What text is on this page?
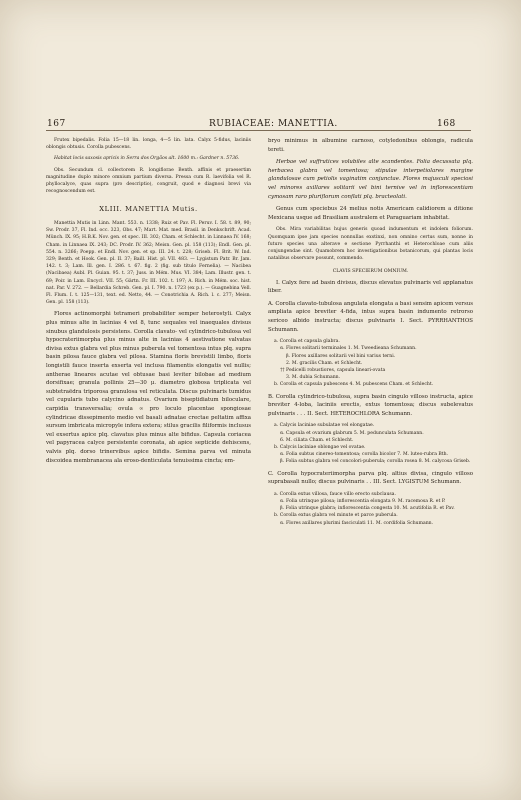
167	RUBIACEAE: MANETTIA.	168

Frutex bipedalis. Folia 15—18 lin. longa, 4—5 lin. lata. Calyx 5-fidus, laciniis oblongis obtusis. Corolla pubescens.

Habitat locis saxosis apricis in Serra dos Orgãos alt. 1600 m.: Gardner n. 5736.

Obs. Secundum cl. collectorem R. longiflorae Benth. affinis et praesertim magnitudine duplo minore omnium partium diversa. Pressa cum R. laevifolia vel R. phyllocalyce, quas supra (pro descriptio), congruit, quod e diagnosi brevi via recognoscendum est.

XLIII. MANETTIA Mutis.

Manettia Mutis in Linn. Mant. 553. n. 1338; Ruiz et Pav. Fl. Peruv. I. 58. t. 89, 90; Sw. Prodr. 37, Fl. Ind. occ. 323, Obs. 47; Mart. Mat. med. Brasil. in Denkschrift. Acad. Münch. IX. 95; H.B.K. Nov. gen. et spec. III. 302; Cham. et Schlecht. in Linnaea IV. 168; Cham. in Linnaea IX. 243; DC. Prodr. IV. 362; Meisn. Gen. pl. 158 (113); Endl. Gen. pl. 554. n. 3266; Poepp. et Endl. Nov. gen. et sp. III. 24. t. 228; Griseb. Fl. Brit. W. Ind. 329; Benth. et Hook. Gen. pl. II. 37; Baill. Hist. pl. VII. 483. — Lygistum Patr. Br. Jam. 142. t. 3; Lam. Ill. gen. I. 286. t. 67. fig. 2 (fig. sub titulo Fernelia). — Nacibea (Nacibaea) Aubl. Pl. Guian. 95. t. 37; Juss. in Mém. Mus. VI. 384; Lam. Illustr. gen. t. 69; Poir. in Lam. Encycl. VII. 55; Gärtn. Fr. III. 102. t. 197; A. Rich. in Mém. soc. hist. nat. Par. V. 272. — Bellardia Schreb. Gen. pl. I. 790. n. 1723 (ex p.). — Guagnebina Vell. Fl. Flum. I. t. 125—131, text. ed. Netto, 44. — Conotrichia A. Rich. l. c. 277; Meisn. Gen. pl. 158 (113).

Flores actinomorphi tetrameri probabiliter semper heterostyli. Calyx plus minus alte in lacinias 4 vel 8, tunc sequales vel inaequales divisus sinubus glandulosis persistens. Corolla clavato- vel cylindrico-tubulosa vel hypocrateriimorpha plus minus alte in lacinias 4 aestivatione valvatas divisa extus glabra vel plus minus puberula vel tomentosa intus plq. supra basin pilosa fauce glabra vel pilosa. Stamina floris brevistili limbo, floris longistili fauce inserta exserta vel inclusa filamentis elongatis vel nullis; antherae lineares acutae vel obtusae basi leviter bilobae ad medium dorsifixae; granula pollinis 25—30 μ. diametro globosa triplicata vel subtetraëdra triporosa granulosa vel reticulata. Discus pulvinaris tumidus vel cupularis tubo calycino adnatus. Ovarium biseptidiatum biloculare, carpidia transversalia; ovula ∞ pro loculo placentae spongiosae cylindricae dissepimento medio vel basali adnatae crectae peltatim affixa sursum imbricata micropyle infera extera; stilus gracilis filiformis inclusus vel exsertus apice plq. clavatus plus minus alte bifidus. Capsula coriacea vel papyracea calyce persistente coronata, ab apice septicide dehiscens, valvis plq. dorso trinervibus apice bifidis. Semina parva vel minuta discoidea membranacea ala eroso-denticulata tenuissima cincta; em-

bryo minimus in albumine carnoso, cotyledonibus oblongis, radicula tereti.

Herbae vel suffrutices volubiles alte scandentes. Folia decussata plq. herbacea glabra vel tomentosa; stipulae interpetiolares margine glandulosae cum petiolis vaginatim conjunctae. Flores majusculi speciosi vel minores axillares solitarii vel bini ternive vel in inflorescentiam cymosam raro pluriflorum conflati plq. bracteolati.

Genus cum speciebus 24 melius notis Americam calidiorem a ditione Mexicana usque ad Brasiliam australem et Paraguariam inhabitat.

Obs. Mira variabilitas hujus generis quoad indumentum et indolem foliorum. Quomquam ipse jam species nonnullas exstinxi, non omnino certus sum, nonne in futuro species una alterave e sectione Pyrrhanthi et Heterochloae cum aliis conjungendae sint. Quamobrem hoc investigationibus botanicorum, qui plantas locis natalibus observare possunt, commendo.

CLAVIS SPECIERUM OMNIUM.

I. Calyx fere ad basin divisus, discus elevatus pulvinaris vel applanatus liber.

A. Corolla clavato-tubulosa angulata elongata a basi sensim apicem versus ampliata apice breviter 4-fida, intus supra basin indumento retrorso sericeo albido instructa; discus pulvinaris I. Sect. PYRRHANTHOS Schumann.

a. Corolla et capsula glabra.
α. Flores solitarii terminales 1. M. Tweedieana Schumann.
β. Flores axillares solitarii vel bini varius terni.
2. M. gracilis Cham. et Schlecht.
†† Pedicelli robustiores, capsula lineari-ovata
3. M. dubia Schumann.
b. Corolla et capsula pubescens 4. M. pubescens Cham. et Schlecht.

B. Corolla cylindrico-tubulosa, supra basin cingulo villoso instructa, apice breviter 4-loba, laciniis erectis, extus tomentosa; discus subelevatus pulvinaris . . . II. Sect. HETEROCHLORA Schumann.

a. Calycis laciniae subulatae vel elongatae.
α. Capsula et ovarium glabrum 5. M. pedunculata Schumann.
6. M. ciliata Cham. et Schlecht.
b. Calycis laciniae oblongae vel ovatae.
α. Folia subtus cinereo-tomentosa; corolla bicolor 7. M. luteo-rubra Bth.
β. Folia subtus glabra vel concolori-puberula; corolla rosea 8. M. calycosa Griseb.

C. Corolla hypocrateriimorpha parva plq. altius divisa, cingulo villoso suprabasali nullo; discus pulvinaris . . III. Sect. LYGISTUM Schumann.

a. Corolla extus villosa, fauce villo erecto subclausa.
α. Folia utrinque pilosa; inflorescentia elongata 9. M. racemosa R. et P.
β. Folia utrinque glabra; inflorescentia congesta 10. M. acutifolia R. et Pav.
b. Corolla extus glabra vel minute et parce puberula.
α. Flores axillares plurimi fasciculati 11. M. cordifolia Schumann.
